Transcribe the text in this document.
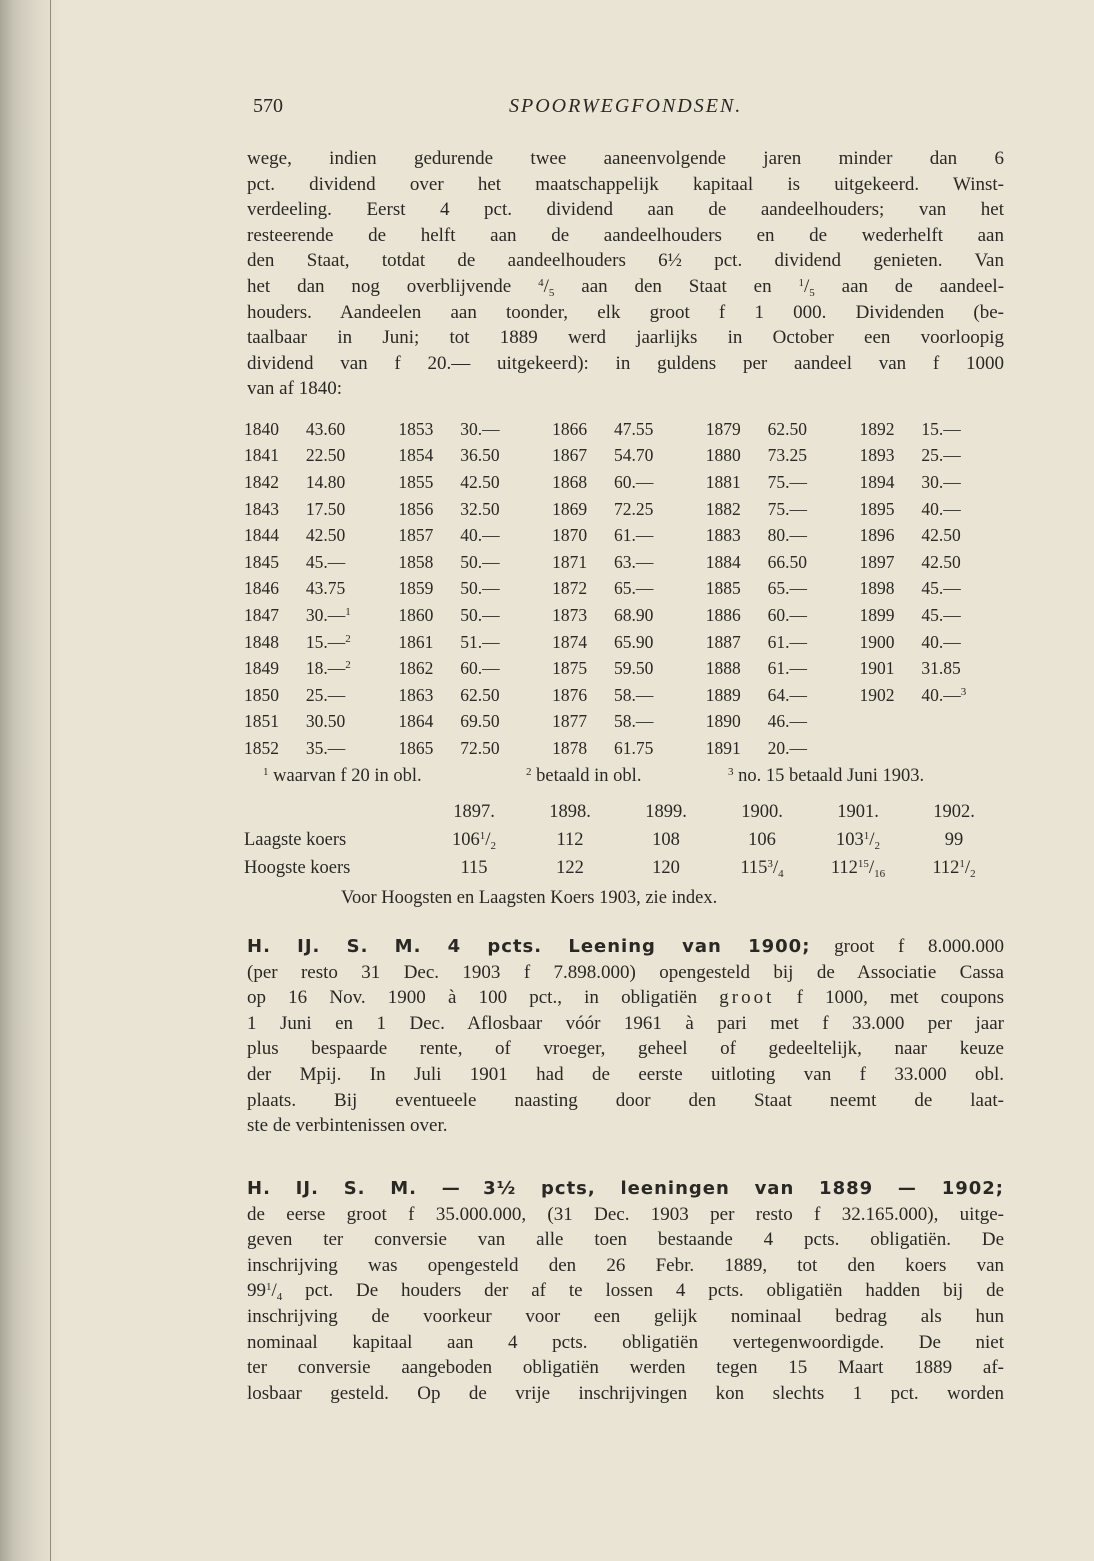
570	SPOORWEGFONDSEN.
wege, indien gedurende twee aaneenvolgende jaren minder dan 6
pct. dividend over het maatschappelijk kapitaal is uitgekeerd. Winst-
verdeeling. Eerst 4 pct. dividend aan de aandeelhouders; van het
resteerende de helft aan de aandeelhouders en de wederhelft aan
den Staat, totdat de aandeelhouders 6½ pct. dividend genieten. Van
het dan nog overblijvende $^4/_5$ aan den Staat en $^1/_5$ aan de aandeel-
houders. Aandeelen aan toonder, elk groot f 1 000. Dividenden (be-
taalbaar in Juni; tot 1889 werd jaarlijks in October een voorloopig
dividend van f 20.— uitgekeerd): in guldens per aandeel van f 1000
van af 1840:
1840	43.60	1853	30.—	1866	47.55	1879	62.50	1892	15.—
1841	22.50	1854	36.50	1867	54.70	1880	73.25	1893	25.—
1842	14.80	1855	42.50	1868	60.—	1881	75.—	1894	30.—
1843	17.50	1856	32.50	1869	72.25	1882	75.—	1895	40.—
1844	42.50	1857	40.—	1870	61.—	1883	80.—	1896	42.50
1845	45.—	1858	50.—	1871	63.—	1884	66.50	1897	42.50
1846	43.75	1859	50.—	1872	65.—	1885	65.—	1898	45.—
1847	30.—$^1$	1860	50.—	1873	68.90	1886	60.—	1899	45.—
1848	15.—$^2$	1861	51.—	1874	65.90	1887	61.—	1900	40.—
1849	18.—$^2$	1862	60.—	1875	59.50	1888	61.—	1901	31.85
1850	25.—	1863	62.50	1876	58.—	1889	64.—	1902	40.—$^3$
1851	30.50	1864	69.50	1877	58.—	1890	46.—		
1852	35.—	1865	72.50	1878	61.75	1891	20.—		
$^1$ waarvan f 20 in obl.	$^2$ betaald in obl.	$^3$ no. 15 betaald Juni 1903.
	1897.	1898.	1899.	1900.	1901.	1902.
Laagste koers	$106^1/_2$	112	108	106	$103^1/_2$	99
Hoogste koers	115	122	120	$115^3/_4$	$112^{15}/_{16}$	$112^1/_2$
Voor Hoogsten en Laagsten Koers 1903, zie index.
H. IJ. S. M. 4 pcts. Leening van 1900; groot f 8.000.000
(per resto 31 Dec. 1903 f 7.898.000) opengesteld bij de Associatie Cassa
op 16 Nov. 1900 à 100 pct., in obligatiën groot f 1000, met coupons
1 Juni en 1 Dec. Aflosbaar vóór 1961 à pari met f 33.000 per jaar
plus bespaarde rente, of vroeger, geheel of gedeeltelijk, naar keuze
der Mpij. In Juli 1901 had de eerste uitloting van f 33.000 obl.
plaats. Bij eventueele naasting door den Staat neemt de laat-
ste de verbintenissen over.
H. IJ. S. M. — 3½ pcts, leeningen van 1889 — 1902;
de eerse groot f 35.000.000, (31 Dec. 1903 per resto f 32.165.000), uitge-
geven ter conversie van alle toen bestaande 4 pcts. obligatiën. De
inschrijving was opengesteld den 26 Febr. 1889, tot den koers van
$99^1/_4$ pct. De houders der af te lossen 4 pcts. obligatiën hadden bij de
inschrijving de voorkeur voor een gelijk nominaal bedrag als hun
nominaal kapitaal aan 4 pcts. obligatiën vertegenwoordigde. De niet
ter conversie aangeboden obligatiën werden tegen 15 Maart 1889 af-
losbaar gesteld. Op de vrije inschrijvingen kon slechts 1 pct. worden
